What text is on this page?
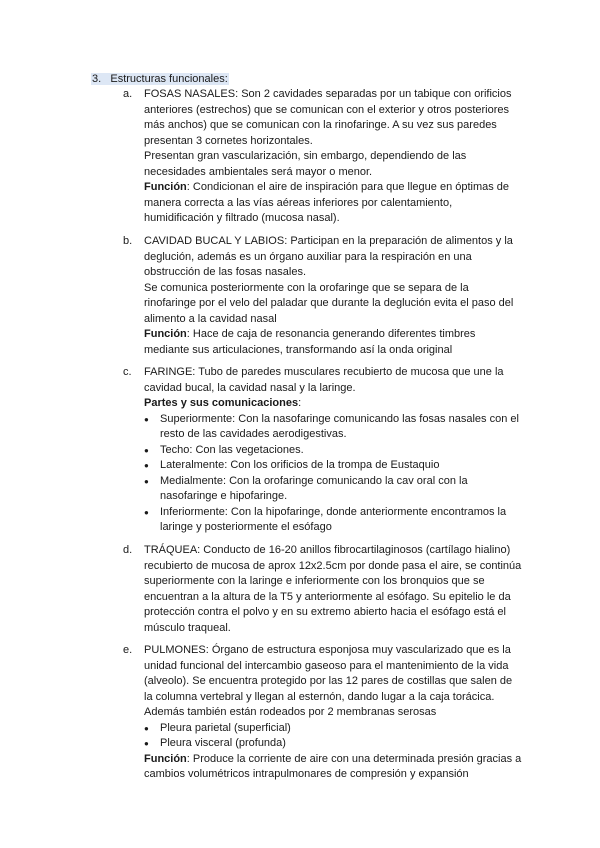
3. Estructuras funcionales:
a. FOSAS NASALES: Son 2 cavidades separadas por un tabique con orificios anteriores (estrechos) que se comunican con el exterior y otros posteriores más anchos) que se comunican con la rinofaringe. A su vez sus paredes presentan 3 cornetes horizontales.

Presentan gran vascularización, sin embargo, dependiendo de las necesidades ambientales será mayor o menor.

Función: Condicionan el aire de inspiración para que llegue en óptimas de manera correcta a las vías aéreas inferiores por calentamiento, humidificación y filtrado (mucosa nasal).

b. CAVIDAD BUCAL Y LABIOS: Participan en la preparación de alimentos y la deglución, además es un órgano auxiliar para la respiración en una obstrucción de las fosas nasales.

Se comunica posteriormente con la orofaringe que se separa de la rinofaringe por el velo del paladar que durante la deglución evita el paso del alimento a la cavidad nasal

Función: Hace de caja de resonancia generando diferentes timbres mediante sus articulaciones, transformando así la onda original

c. FARINGE: Tubo de paredes musculares recubierto de mucosa que une la cavidad bucal, la cavidad nasal y la laringe.

Partes y sus comunicaciones:

● Superiormente: Con la nasofaringe comunicando las fosas nasales con el resto de las cavidades aerodigestivas.
● Techo: Con las vegetaciones.
● Lateralmente: Con los orificios de la trompa de Eustaquio
● Medialmente: Con la orofaringe comunicando la cav oral con la nasofaringe e hipofaringe.
● Inferiormente: Con la hipofaringe, donde anteriormente encontramos la laringe y posteriormente el esófago
d. TRÁQUEA: Conducto de 16-20 anillos fibrocartilaginosos (cartílago hialino) recubierto de mucosa de aprox 12x2.5cm por donde pasa el aire, se continúa superiormente con la laringe e inferiormente con los bronquios que se encuentran a la altura de la T5 y anteriormente al esófago. Su epitelio le da protección contra el polvo y en su extremo abierto hacia el esófago está el músculo traqueal.

e. PULMONES: Órgano de estructura esponjosa muy vascularizado que es la unidad funcional del intercambio gaseoso para el mantenimiento de la vida (alveolo). Se encuentra protegido por las 12 pares de costillas que salen de la columna vertebral y llegan al esternón, dando lugar a la caja torácica. Además también están rodeados por 2 membranas serosas

● Pleura parietal (superficial)
● Pleura visceral (profunda)

Función: Produce la corriente de aire con una determinada presión gracias a cambios volumétricos intrapulmonares de compresión y expansión
